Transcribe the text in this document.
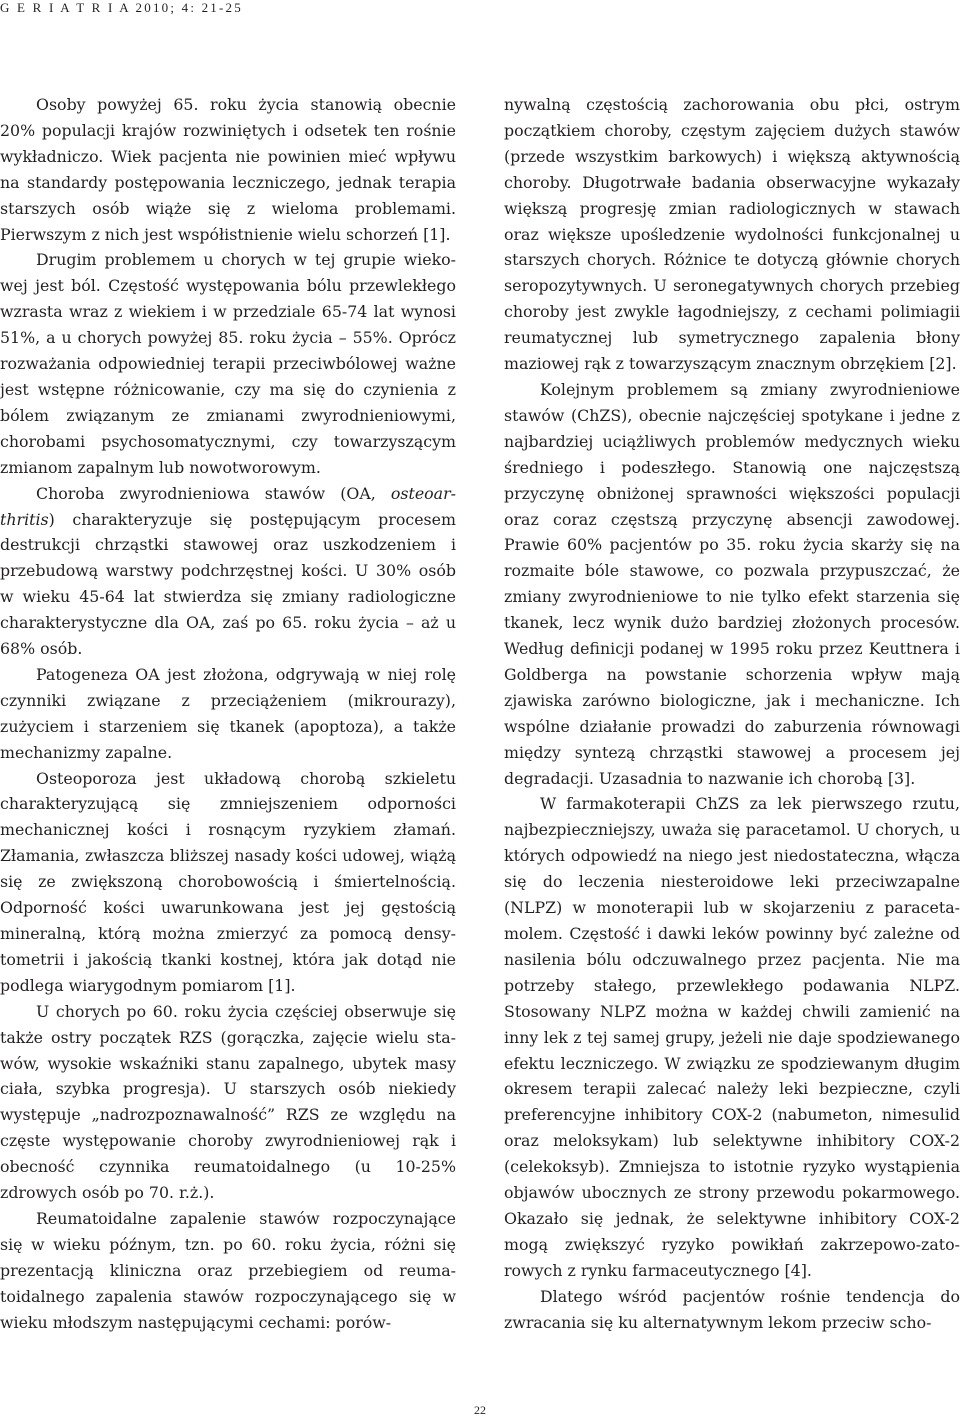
G E R I A T R I A 2010; 4: 21-25

Osoby powyżej 65. roku życia stanowią obecnie 20% populacji krajów rozwiniętych i odsetek ten rośnie wykładniczo. Wiek pacjenta nie powinien mieć wpływu na standardy postępowania leczniczego, jednak terapia starszych osób wiąże się z wieloma problemami. Pierwszym z nich jest współistnienie wielu schorzeń [1].

Drugim problemem u chorych w tej grupie wiekowej jest ból. Częstość występowania bólu przewlekłego wzrasta wraz z wiekiem i w przedziale 65-74 lat wynosi 51%, a u chorych powyżej 85. roku życia – 55%. Oprócz rozważania odpowiedniej terapii przeciwbólowej ważne jest wstępne różnicowanie, czy ma się do czynienia z bólem związanym ze zmianami zwyrodnieniowymi, chorobami psychosomatycznymi, czy towarzyszącym zmianom zapalnym lub nowotworowym.

Choroba zwyrodnieniowa stawów (OA, osteoarthritis) charakteryzuje się postępującym procesem destrukcji chrząstki stawowej oraz uszkodzeniem i przebudową warstwy podchrzęstnej kości. U 30% osób w wieku 45-64 lat stwierdza się zmiany radiologiczne charakterystyczne dla OA, zaś po 65. roku życia – aż u 68% osób.

Patogeneza OA jest złożona, odgrywają w niej rolę czynniki związane z przeciążeniem (mikrourazy), zużyciem i starzeniem się tkanek (apoptoza), a także mechanizmy zapalne.

Osteoporoza jest układową chorobą szkieletu charakteryzującą się zmniejszeniem odporności mechanicznej kości i rosnącym ryzykiem złamań. Złamania, zwłaszcza bliższej nasady kości udowej, wiążą się ze zwiększoną chorobowością i śmiertelnością. Odporność kości uwarunkowana jest jej gęstością mineralną, którą można zmierzyć za pomocą densytometrii i jakością tkanki kostnej, która jak dotąd nie podlega wiarygodnym pomiarom [1].

U chorych po 60. roku życia częściej obserwuje się także ostry początek RZS (gorączka, zajęcie wielu stawów, wysokie wskaźniki stanu zapalnego, ubytek masy ciała, szybka progresja). U starszych osób niekiedy występuje „nadrozpoznawalność” RZS ze względu na częste występowanie choroby zwyrodnieniowej rąk i obecność czynnika reumatoidalnego (u 10-25% zdrowych osób po 70. r.ż.).

Reumatoidalne zapalenie stawów rozpoczynające się w wieku późnym, tzn. po 60. roku życia, różni się prezentacją kliniczna oraz przebiegiem od reumatoidalnego zapalenia stawów rozpoczynającego się w wieku młodszym następującymi cechami: porów-

nywalną częstością zachorowania obu płci, ostrym początkiem choroby, częstym zajęciem dużych stawów (przede wszystkim barkowych) i większą aktywnością choroby. Długotrwałe badania obserwacyjne wykazały większą progresję zmian radiologicznych w stawach oraz większe upośledzenie wydolności funkcjonalnej u starszych chorych. Różnice te dotyczą głównie chorych seropozytywnych. U seronegatywnych chorych przebieg choroby jest zwykle łagodniejszy, z cechami polimiagii reumatycznej lub symetrycznego zapalenia błony maziowej rąk z towarzyszącym znacznym obrzękiem [2].

Kolejnym problemem są zmiany zwyrodnieniowe stawów (ChZS), obecnie najczęściej spotykane i jedne z najbardziej uciążliwych problemów medycznych wieku średniego i podeszłego. Stanowią one najczęstszą przyczynę obniżonej sprawności większości populacji oraz coraz częstszą przyczynę absencji zawodowej. Prawie 60% pacjentów po 35. roku życia skarży się na rozmaite bóle stawowe, co pozwala przypuszczać, że zmiany zwyrodnieniowe to nie tylko efekt starzenia się tkanek, lecz wynik dużo bardziej złożonych procesów. Według definicji podanej w 1995 roku przez Keuttnera i Goldberga na powstanie schorzenia wpływ mają zjawiska zarówno biologiczne, jak i mechaniczne. Ich wspólne działanie prowadzi do zaburzenia równowagi między syntezą chrząstki stawowej a procesem jej degradacji. Uzasadnia to nazwanie ich chorobą [3].

W farmakoterapii ChZS za lek pierwszego rzutu, najbezpieczniejszy, uważa się paracetamol. U chorych, u których odpowiedź na niego jest niedostateczna, włącza się do leczenia niesteroidowe leki przeciwzapalne (NLPZ) w monoterapii lub w skojarzeniu z paracetamolem. Częstość i dawki leków powinny być zależne od nasilenia bólu odczuwalnego przez pacjenta. Nie ma potrzeby stałego, przewlekłego podawania NLPZ. Stosowany NLPZ można w każdej chwili zamienić na inny lek z tej samej grupy, jeżeli nie daje spodziewanego efektu leczniczego. W związku ze spodziewanym długim okresem terapii zalecać należy leki bezpieczne, czyli preferencyjne inhibitory COX-2 (nabumeton, nimesulid oraz meloksykam) lub selektywne inhibitory COX-2 (celekoksyb). Zmniejsza to istotnie ryzyko wystąpienia objawów ubocznych ze strony przewodu pokarmowego. Okazało się jednak, że selektywne inhibitory COX-2 mogą zwiększyć ryzyko powikłań zakrzepowo-zatorowych z rynku farmaceutycznego [4].

Dlatego wśród pacjentów rośnie tendencja do zwracania się ku alternatywnym lekom przeciw scho-

22
